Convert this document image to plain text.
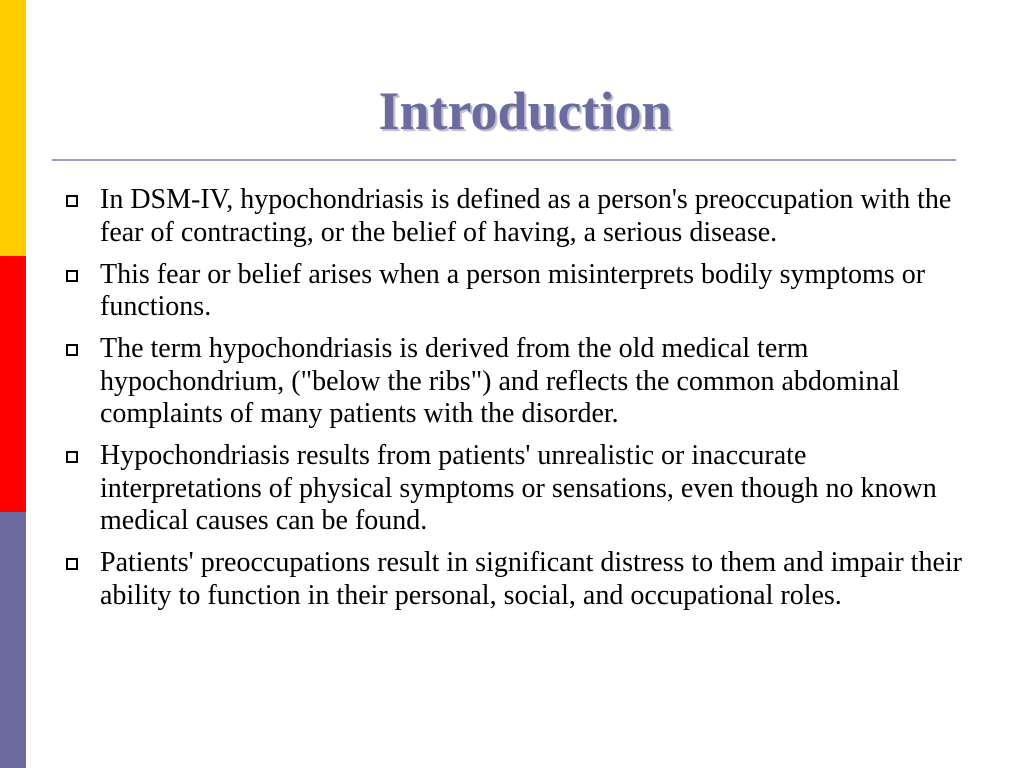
Introduction
In DSM-IV, hypochondriasis is defined as a person's preoccupation with the fear of contracting, or the belief of having, a serious disease.
This fear or belief arises when a person misinterprets bodily symptoms or functions.
The term hypochondriasis is derived from the old medical term hypochondrium, ("below the ribs") and reflects the common abdominal complaints of many patients with the disorder.
Hypochondriasis results from patients' unrealistic or inaccurate interpretations of physical symptoms or sensations, even though no known medical causes can be found.
Patients' preoccupations result in significant distress to them and impair their ability to function in their personal, social, and occupational roles.
